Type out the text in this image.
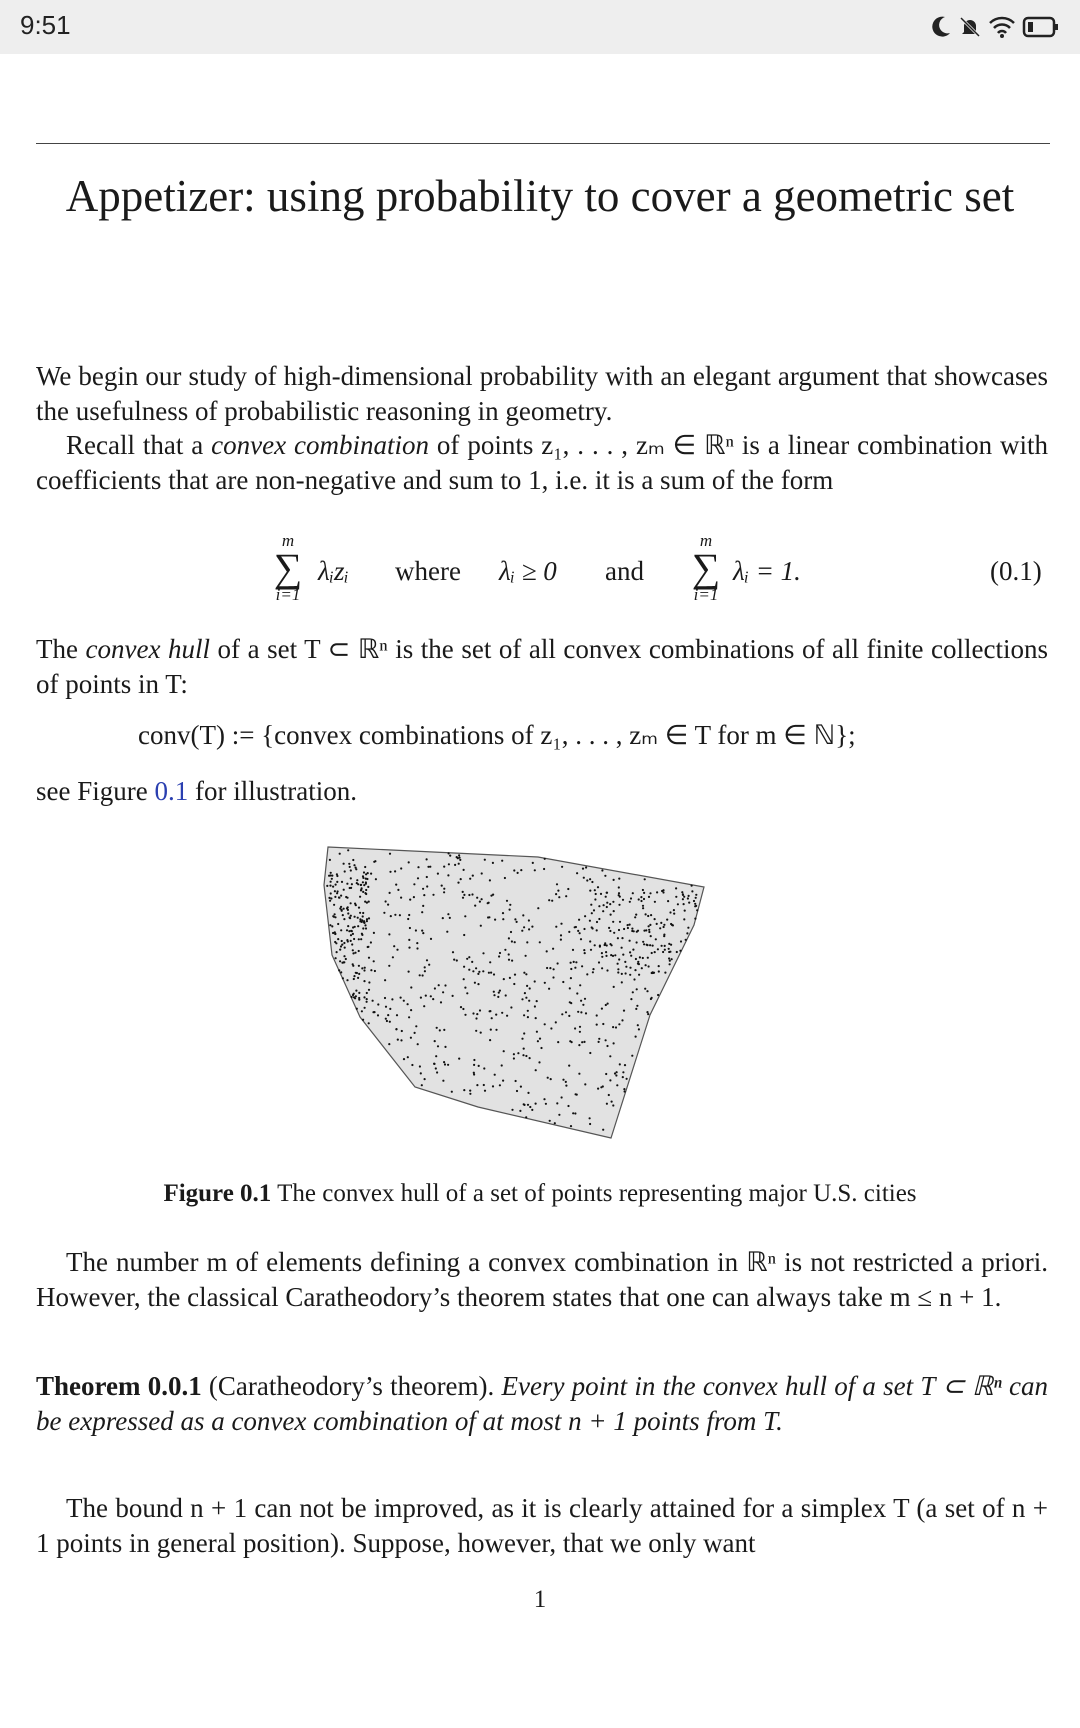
9:51
Appetizer: using probability to cover a geometric set
We begin our study of high-dimensional probability with an elegant argument that showcases the usefulness of probabilistic reasoning in geometry.
Recall that a convex combination of points z₁, . . . , zₘ ∈ ℝⁿ is a linear combination with coefficients that are non-negative and sum to 1, i.e. it is a sum of the form
m
∑
i=1
λᵢzᵢ where λᵢ ≥ 0 and
m
∑
i=1
λᵢ = 1.	(0.1)
The convex hull of a set T ⊂ ℝⁿ is the set of all convex combinations of all finite collections of points in T:
conv(T) := {convex combinations of z₁, . . . , zₘ ∈ T for m ∈ ℕ};
see Figure 0.1 for illustration.
Figure 0.1 The convex hull of a set of points representing major U.S. cities
The number m of elements defining a convex combination in ℝⁿ is not restricted a priori. However, the classical Caratheodory’s theorem states that one can always take m ≤ n + 1.
Theorem 0.0.1 (Caratheodory’s theorem). Every point in the convex hull of a set T ⊂ ℝⁿ can be expressed as a convex combination of at most n + 1 points from T.
The bound n + 1 can not be improved, as it is clearly attained for a simplex T (a set of n + 1 points in general position). Suppose, however, that we only want
1
